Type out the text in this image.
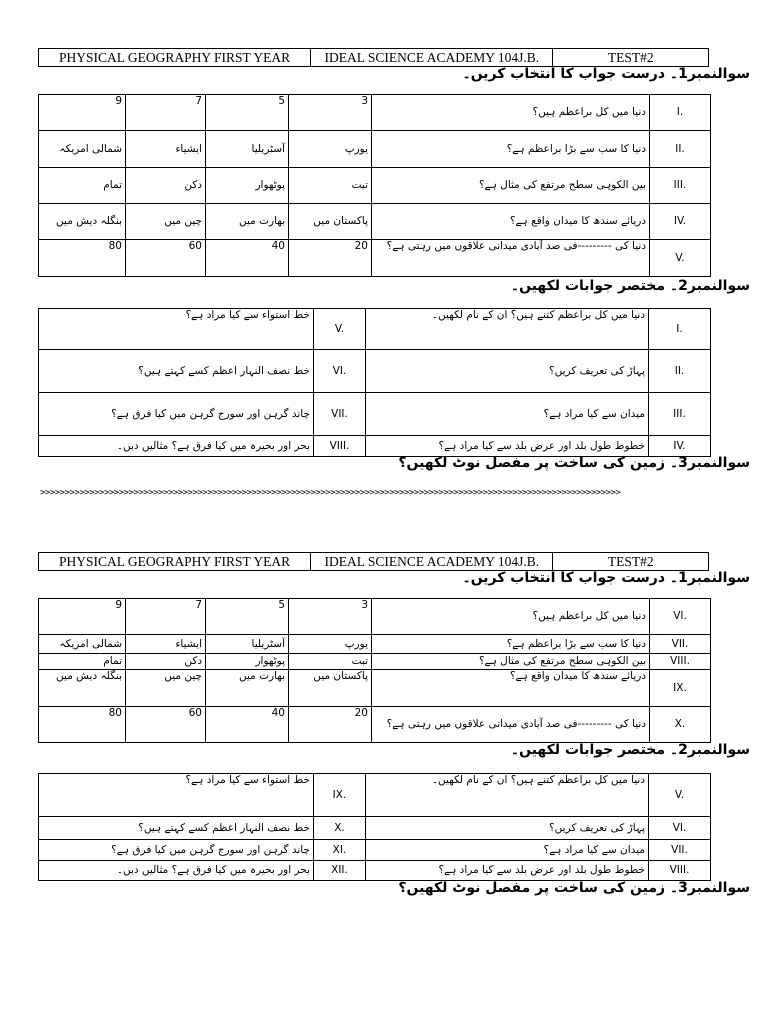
PHYSICAL GEOGRAPHY FIRST YEAR	IDEAL SCIENCE ACADEMY 104J.B.	TEST#2
سوالنمبر1۔ درست جواب کا انتخاب کریں۔
9	7	5	3	دنیا میں کل براعظم ہیں؟	I.
شمالی امریکہ	ایشیاء	آسٹریلیا	یورپ	دنیا کا سب سے بڑا براعظم ہے؟	II.
تمام	دکن	پوٹھوار	تبت	بین الکوہی سطح مرتفع کی مثال ہے؟	III.
بنگلہ دیش میں	چین میں	بھارت میں	پاکستان میں	دریائے سندھ کا میدان واقع ہے؟	IV.
80	60	40	20	دنیا کی ---------فی صد آبادی میدانی علاقوں میں رہتی ہے؟	V.
سوالنمبر2۔ مختصر جوابات لکھیں۔
خط استواء سے کیا مراد ہے؟	V.	دنیا میں کل براعظم کتنے ہیں؟ ان کے نام لکھیں۔	I.
خط نصف النہار اعظم کسے کہتے ہیں؟	VI.	پہاڑ کی تعریف کریں؟	II.
چاند گرہن اور سورج گرہن میں کیا فرق ہے؟	VII.	میدان سے کیا مراد ہے؟	III.
بحر اور بحیرہ میں کیا فرق ہے؟ مثالیں دیں۔	VIII.	خطوط طول بلد اور عرض بلد سے کیا مراد ہے؟	IV.
سوالنمبر3۔ زمین کی ساخت پر مفصل نوٹ لکھیں؟
>>>>>>>>>>>>>>>>>>>>>>>>>>>>>>>>>>>>>>>>>>>>>>>>>>>>>>>>>>>>>>>>>>>>>>>>>>>>>>>>>>>>>>>>>>>>>>>>>>>>>>>>>>>>>>>>>>>>>>
PHYSICAL GEOGRAPHY FIRST YEAR	IDEAL SCIENCE ACADEMY 104J.B.	TEST#2
سوالنمبر1۔ درست جواب کا انتخاب کریں۔
9	7	5	3	دنیا میں کل براعظم ہیں؟	VI.
شمالی امریکہ	ایشیاء	آسٹریلیا	یورپ	دنیا کا سب سے بڑا براعظم ہے؟	VII.
تمام	دکن	پوٹھوار	تبت	بین الکوہی سطح مرتفع کی مثال ہے؟	VIII.
بنگلہ دیش میں	چین میں	بھارت میں	پاکستان میں	دریائے سندھ کا میدان واقع ہے؟	IX.
80	60	40	20	دنیا کی ---------فی صد آبادی میدانی علاقوں میں رہتی ہے؟	X.
سوالنمبر2۔ مختصر جوابات لکھیں۔
خط استواء سے کیا مراد ہے؟	IX.	دنیا میں کل براعظم کتنے ہیں؟ ان کے نام لکھیں۔	V.
خط نصف النہار اعظم کسے کہتے ہیں؟	X.	پہاڑ کی تعریف کریں؟	VI.
چاند گرہن اور سورج گرہن میں کیا فرق ہے؟	XI.	میدان سے کیا مراد ہے؟	VII.
بحر اور بحیرہ میں کیا فرق ہے؟ مثالیں دیں۔	XII.	خطوط طول بلد اور عرض بلد سے کیا مراد ہے؟	VIII.
سوالنمبر3۔ زمین کی ساخت پر مفصل نوٹ لکھیں؟
